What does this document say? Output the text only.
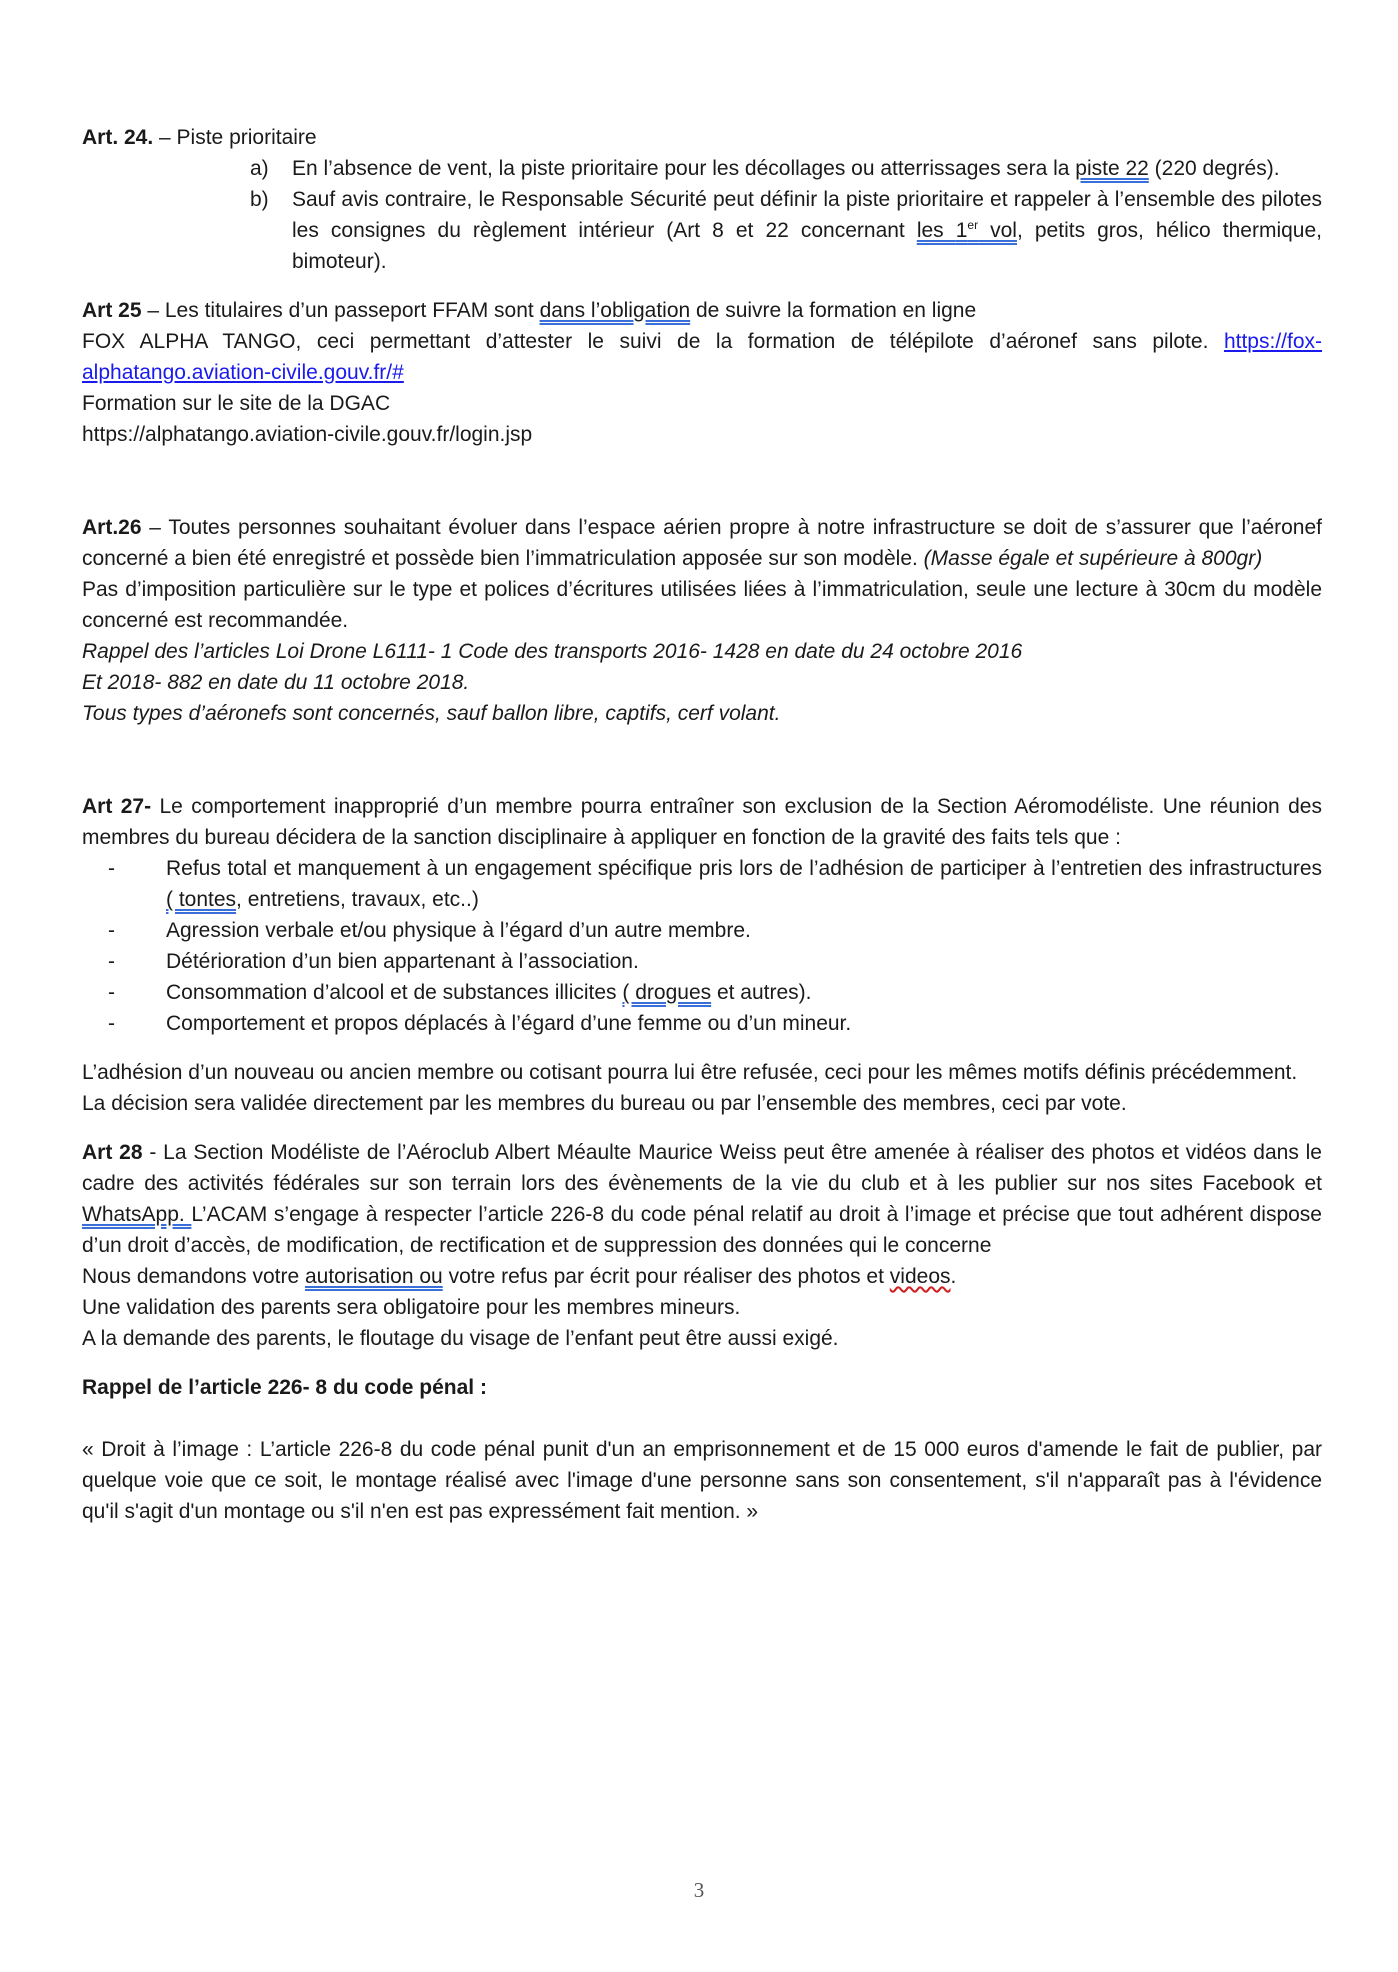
Art. 24. – Piste prioritaire

a) En l’absence de vent, la piste prioritaire pour les décollages ou atterrissages sera la piste 22 (220 degrés).
b) Sauf avis contraire, le Responsable Sécurité peut définir la piste prioritaire et rappeler à l’ensemble des pilotes les consignes du règlement intérieur (Art 8 et 22 concernant les 1er vol, petits gros, hélico thermique, bimoteur).

Art 25 – Les titulaires d’un passeport FFAM sont dans l’obligation de suivre la formation en ligne

FOX ALPHA TANGO, ceci permettant d’attester le suivi de la formation de télépilote d’aéronef sans pilote. https://fox-alphatango.aviation-civile.gouv.fr/#

Formation sur le site de la DGAC

https://alphatango.aviation-civile.gouv.fr/login.jsp

Art.26 – Toutes personnes souhaitant évoluer dans l’espace aérien propre à notre infrastructure se doit de s’assurer que l’aéronef concerné a bien été enregistré et possède bien l’immatriculation apposée sur son modèle. (Masse égale et supérieure à 800gr)

Pas d’imposition particulière sur le type et polices d’écritures utilisées liées à l’immatriculation, seule une lecture à 30cm du modèle concerné est recommandée.

Rappel des l’articles Loi Drone L6111- 1 Code des transports 2016- 1428 en date du 24 octobre 2016

Et 2018- 882 en date du 11 octobre 2018.

Tous types d’aéronefs sont concernés, sauf ballon libre, captifs, cerf volant.

Art 27- Le comportement inapproprié d’un membre pourra entraîner son exclusion de la Section Aéromodéliste. Une réunion des membres du bureau décidera de la sanction disciplinaire à appliquer en fonction de la gravité des faits tels que :

- Refus total et manquement à un engagement spécifique pris lors de l’adhésion de participer à l’entretien des infrastructures ( tontes, entretiens, travaux, etc..)
- Agression verbale et/ou physique à l’égard d’un autre membre.
- Détérioration d’un bien appartenant à l’association.
- Consommation d’alcool et de substances illicites ( drogues et autres).
- Comportement et propos déplacés à l’égard d’une femme ou d’un mineur.

L’adhésion d’un nouveau ou ancien membre ou cotisant pourra lui être refusée, ceci pour les mêmes motifs définis précédemment.

La décision sera validée directement par les membres du bureau ou par l’ensemble des membres, ceci par vote.

Art 28 - La Section Modéliste de l’Aéroclub Albert Méaulte Maurice Weiss peut être amenée à réaliser des photos et vidéos dans le cadre des activités fédérales sur son terrain lors des évènements de la vie du club et à les publier sur nos sites Facebook et WhatsApp. L’ACAM s’engage à respecter l’article 226-8 du code pénal relatif au droit à l’image et précise que tout adhérent dispose d’un droit d’accès, de modification, de rectification et de suppression des données qui le concerne

Nous demandons votre autorisation ou votre refus par écrit pour réaliser des photos et videos.

Une validation des parents sera obligatoire pour les membres mineurs.

A la demande des parents, le floutage du visage de l’enfant peut être aussi exigé.

Rappel de l’article 226- 8 du code pénal :

« Droit à l’image : L’article 226-8 du code pénal punit d'un an emprisonnement et de 15 000 euros d'amende le fait de publier, par quelque voie que ce soit, le montage réalisé avec l'image d'une personne sans son consentement, s'il n'apparaît pas à l'évidence qu'il s'agit d'un montage ou s'il n'en est pas expressément fait mention. »

3
